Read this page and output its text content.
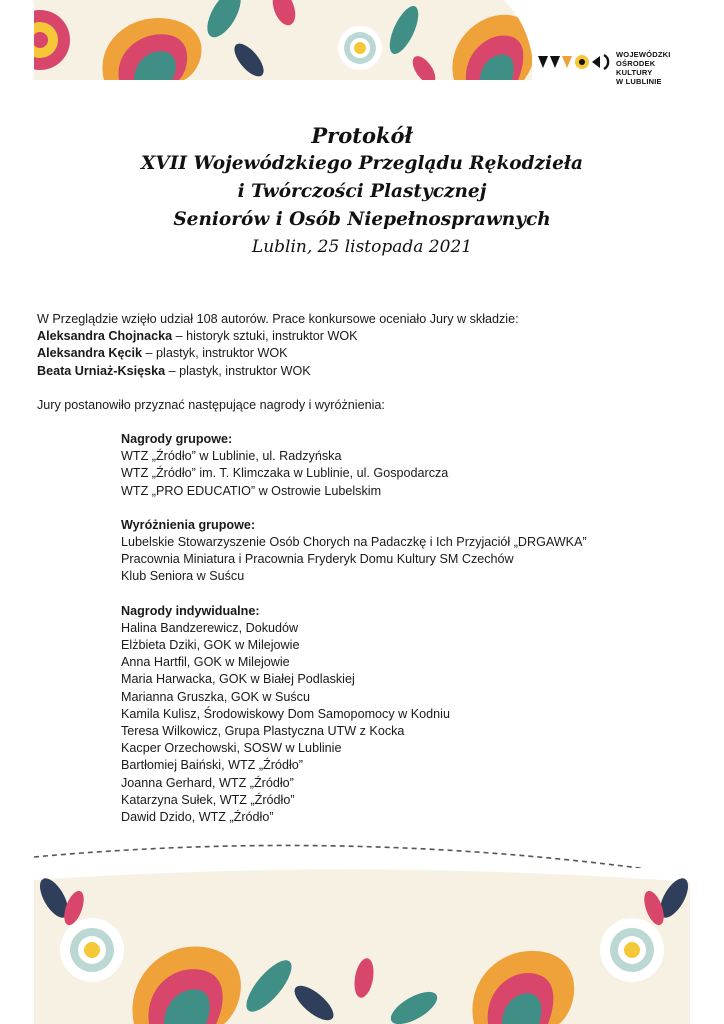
WOJEWÓDZKI
OŚRODEK
KULTURY
W LUBLINIE
Protokół
XVII Wojewódzkiego Przeglądu Rękodzieła
i Twórczości Plastycznej
Seniorów i Osób Niepełnosprawnych
Lublin, 25 listopada 2021

W Przeglądzie wzięło udział 108 autorów. Prace konkursowe oceniało Jury w składzie:

Aleksandra Chojnacka – historyk sztuki, instruktor WOK

Aleksandra Kęcik – plastyk, instruktor WOK

Beata Urniaż-Księska – plastyk, instruktor WOK

Jury postanowiło przyznać następujące nagrody i wyróżnienia:

Nagrody grupowe:

WTZ „Źródło” w Lublinie, ul. Radzyńska

WTZ „Źródło” im. T. Klimczaka w Lublinie, ul. Gospodarcza

WTZ „PRO EDUCATIO” w Ostrowie Lubelskim

Wyróżnienia grupowe:

Lubelskie Stowarzyszenie Osób Chorych na Padaczkę i Ich Przyjaciół „DRGAWKA”

Pracownia Miniatura i Pracownia Fryderyk Domu Kultury SM Czechów

Klub Seniora w Suścu

Nagrody indywidualne:

Halina Bandzerewicz, Dokudów

Elżbieta Dziki, GOK w Milejowie

Anna Hartfil, GOK w Milejowie

Maria Harwacka, GOK w Białej Podlaskiej

Marianna Gruszka, GOK w Suścu

Kamila Kulisz, Środowiskowy Dom Samopomocy w Kodniu

Teresa Wilkowicz, Grupa Plastyczna UTW z Kocka

Kacper Orzechowski, SOSW w Lublinie

Bartłomiej Baiński, WTZ „Źródło”

Joanna Gerhard, WTZ „Źródło”

Katarzyna Sułek, WTZ „Źródło”

Dawid Dzido, WTZ „Źródło”
